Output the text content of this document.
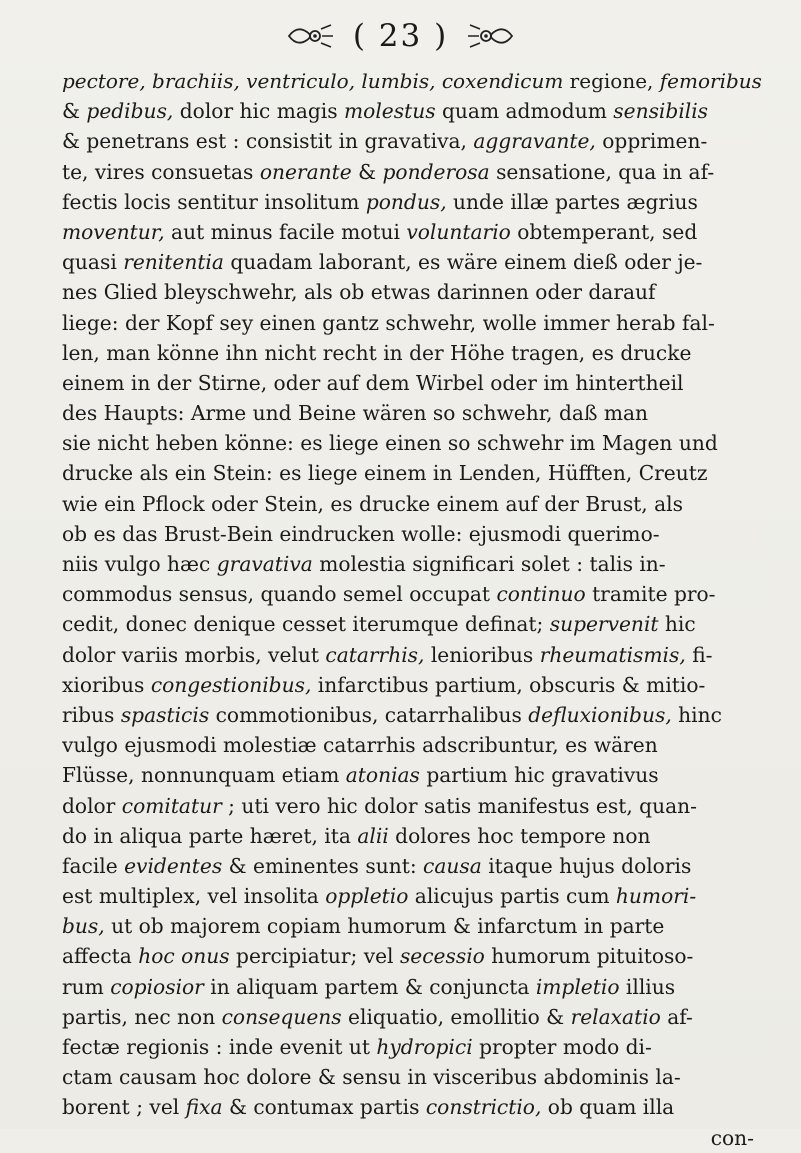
( 23 )
pectore, brachiis, ventriculo, lumbis, coxendicum regione, femoribus
& pedibus, dolor hic magis molestus quam admodum sensibilis
& penetrans est : consistit in gravativa, aggravante, opprimen-
te, vires consuetas onerante & ponderosa sensatione, qua in af-
fectis locis sentitur insolitum pondus, unde illæ partes ægrius
moventur, aut minus facile motui voluntario obtemperant, sed
quasi renitentia quadam laborant, es wäre einem dieß oder je-
nes Glied bleyschwehr, als ob etwas darinnen oder darauf
liege: der Kopf sey einen gantz schwehr, wolle immer herab fal-
len, man könne ihn nicht recht in der Höhe tragen, es drucke
einem in der Stirne, oder auf dem Wirbel oder im hintertheil
des Haupts: Arme und Beine wären so schwehr, daß man
sie nicht heben könne: es liege einen so schwehr im Magen und
drucke als ein Stein: es liege einem in Lenden, Hüfften, Creutz
wie ein Pflock oder Stein, es drucke einem auf der Brust, als
ob es das Brust-Bein eindrucken wolle: ejusmodi querimo-
niis vulgo hæc gravativa molestia significari solet : talis in-
commodus sensus, quando semel occupat continuo tramite pro-
cedit, donec denique cesset iterumque definat; supervenit hic
dolor variis morbis, velut catarrhis, lenioribus rheumatismis, fi-
xioribus congestionibus, infarctibus partium, obscuris & mitio-
ribus spasticis commotionibus, catarrhalibus defluxionibus, hinc
vulgo ejusmodi molestiæ catarrhis adscribuntur, es wären
Flüsse, nonnunquam etiam atonias partium hic gravativus
dolor comitatur ; uti vero hic dolor satis manifestus est, quan-
do in aliqua parte hæret, ita alii dolores hoc tempore non
facile evidentes & eminentes sunt: causa itaque hujus doloris
est multiplex, vel insolita oppletio alicujus partis cum humori-
bus, ut ob majorem copiam humorum & infarctum in parte
affecta hoc onus percipiatur; vel secessio humorum pituitoso-
rum copiosior in aliquam partem & conjuncta impletio illius
partis, nec non consequens eliquatio, emollitio & relaxatio af-
fectæ regionis : inde evenit ut hydropici propter modo di-
ctam causam hoc dolore & sensu in visceribus abdominis la-
borent ; vel fixa & contumax partis constrictio, ob quam illa
con-
